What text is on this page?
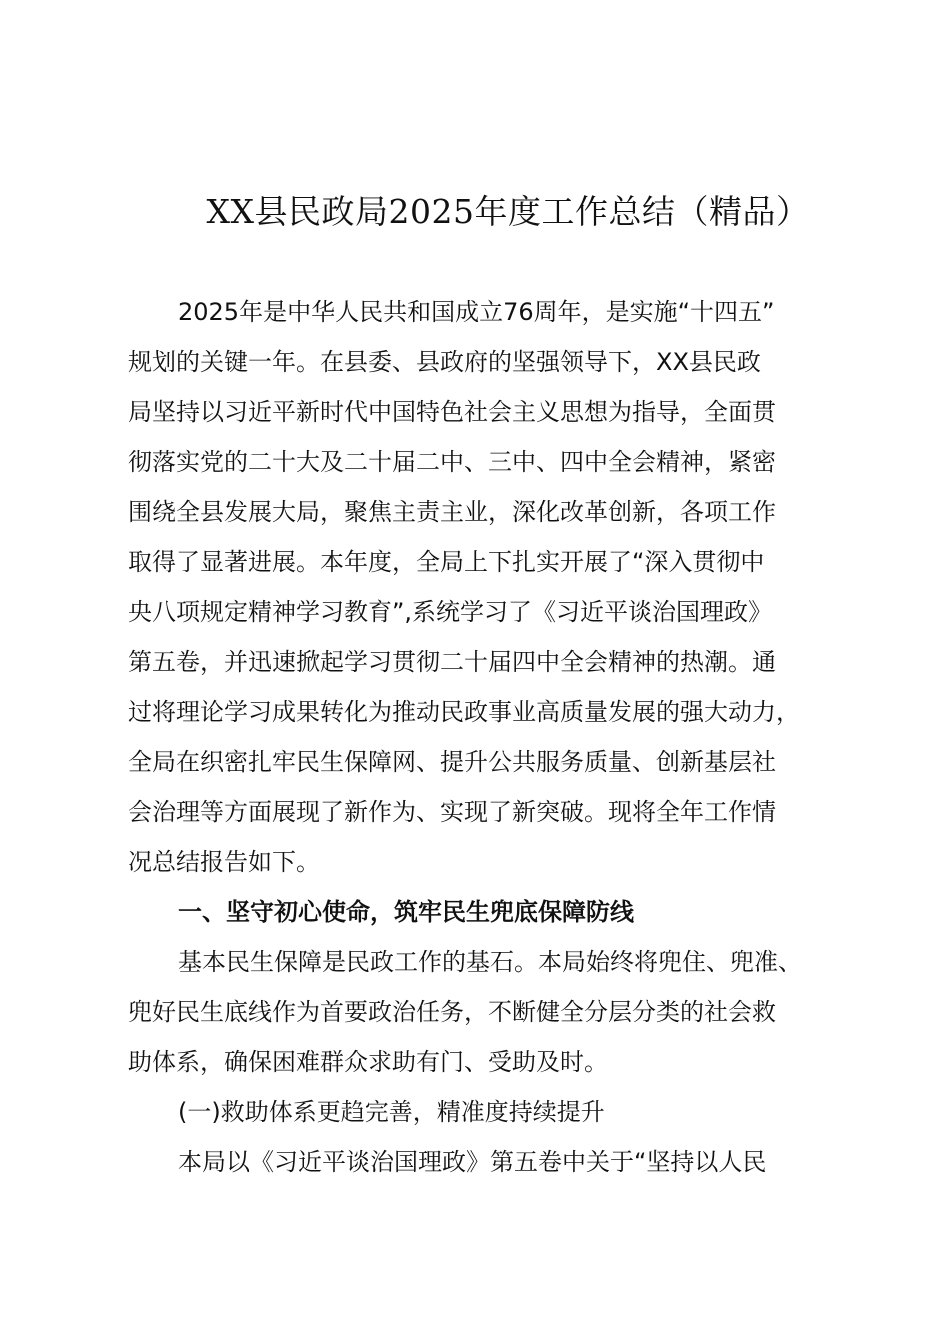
XX县民政局2025年度工作总结（精品）

2025年是中华人民共和国成立76周年，是实施“十四五”

规划的关键一年。在县委、县政府的坚强领导下，XX县民政

局坚持以习近平新时代中国特色社会主义思想为指导，全面贯

彻落实党的二十大及二十届二中、三中、四中全会精神，紧密

围绕全县发展大局，聚焦主责主业，深化改革创新，各项工作

取得了显著进展。本年度，全局上下扎实开展了“深入贯彻中

央八项规定精神学习教育”,系统学习了《习近平谈治国理政》

第五卷，并迅速掀起学习贯彻二十届四中全会精神的热潮。通

过将理论学习成果转化为推动民政事业高质量发展的强大动力，

全局在织密扎牢民生保障网、提升公共服务质量、创新基层社

会治理等方面展现了新作为、实现了新突破。现将全年工作情

况总结报告如下。

一、坚守初心使命，筑牢民生兜底保障防线

基本民生保障是民政工作的基石。本局始终将兜住、兜准、

兜好民生底线作为首要政治任务，不断健全分层分类的社会救

助体系，确保困难群众求助有门、受助及时。

(一)救助体系更趋完善，精准度持续提升

本局以《习近平谈治国理政》第五卷中关于“坚持以人民
